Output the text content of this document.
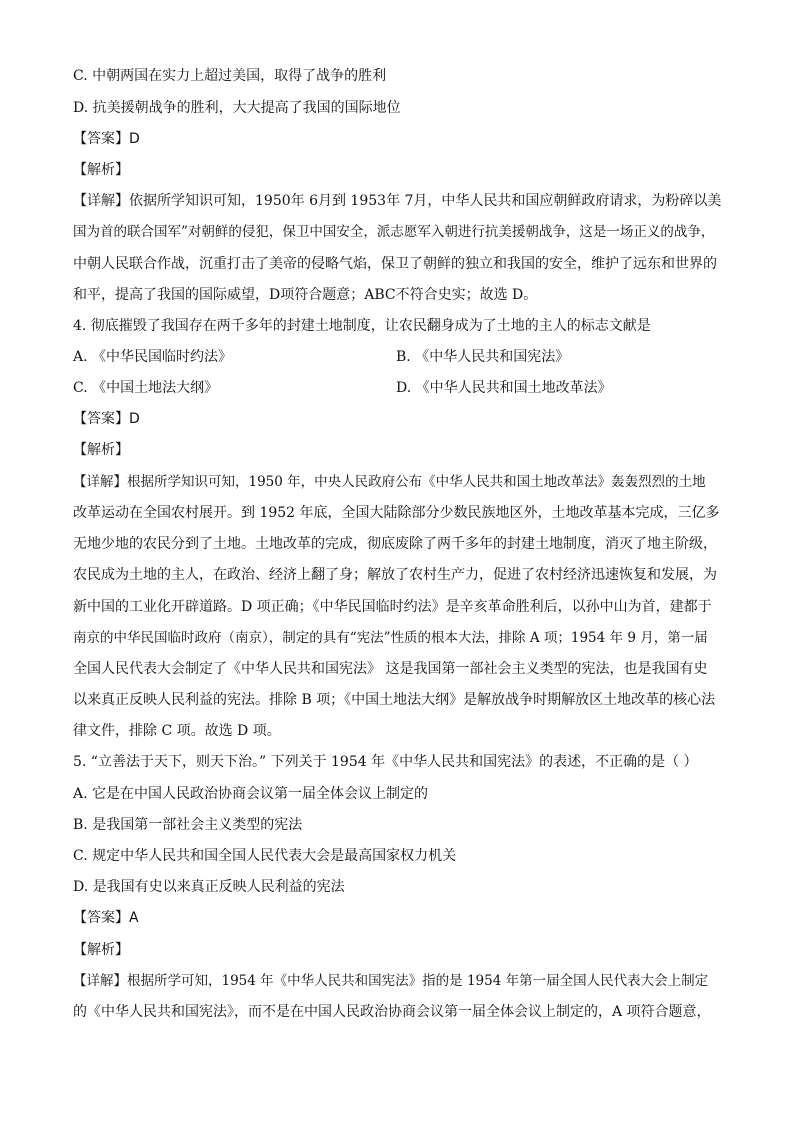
C. 中朝两国在实力上超过美国，取得了战争的胜利
D. 抗美援朝战争的胜利，大大提高了我国的国际地位
【答案】D
【解析】
【详解】依据所学知识可知，1950年 6月到 1953年 7月，中华人民共和国应朝鲜政府请求，为粉碎以美
国为首的联合国军”对朝鲜的侵犯，保卫中国安全，派志愿军入朝进行抗美援朝战争，这是一场正义的战争，
中朝人民联合作战，沉重打击了美帝的侵略气焰，保卫了朝鲜的独立和我国的安全，维护了远东和世界的
和平，提高了我国的国际威望，D项符合题意；ABC不符合史实；故选 D。
4. 彻底摧毁了我国存在两千多年的封建土地制度，让农民翻身成为了土地的主人的标志文献是
A. 《中华民国临时约法》	B. 《中华人民共和国宪法》
C. 《中国土地法大纲》	D. 《中华人民共和国土地改革法》
【答案】D
【解析】
【详解】根据所学知识可知，1950 年，中央人民政府公布《中华人民共和国土地改革法》轰轰烈烈的土地
改革运动在全国农村展开。到 1952 年底，全国大陆除部分少数民族地区外，土地改革基本完成，三亿多
无地少地的农民分到了土地。土地改革的完成，彻底废除了两千多年的封建土地制度，消灭了地主阶级，
农民成为土地的主人，在政治、经济上翻了身；解放了农村生产力，促进了农村经济迅速恢复和发展，为
新中国的工业化开辟道路。D 项正确；《中华民国临时约法》是辛亥革命胜利后，以孙中山为首，建都于
南京的中华民国临时政府（南京），制定的具有“宪法”性质的根本大法，排除 A 项；1954 年 9 月，第一届
全国人民代表大会制定了《中华人民共和国宪法》 这是我国第一部社会主义类型的宪法，也是我国有史
以来真正反映人民利益的宪法。排除 B 项；《中国土地法大纲》是解放战争时期解放区土地改革的核心法
律文件，排除 C 项。故选 D 项。
5. “立善法于天下，则天下治。” 下列关于 1954 年《中华人民共和国宪法》的表述，不正确的是（ ）
A. 它是在中国人民政治协商会议第一届全体会议上制定的
B. 是我国第一部社会主义类型的宪法
C. 规定中华人民共和国全国人民代表大会是最高国家权力机关
D. 是我国有史以来真正反映人民利益的宪法
【答案】A
【解析】
【详解】根据所学可知，1954 年《中华人民共和国宪法》指的是 1954 年第一届全国人民代表大会上制定
的《中华人民共和国宪法》，而不是在中国人民政治协商会议第一届全体会议上制定的，A 项符合题意，
